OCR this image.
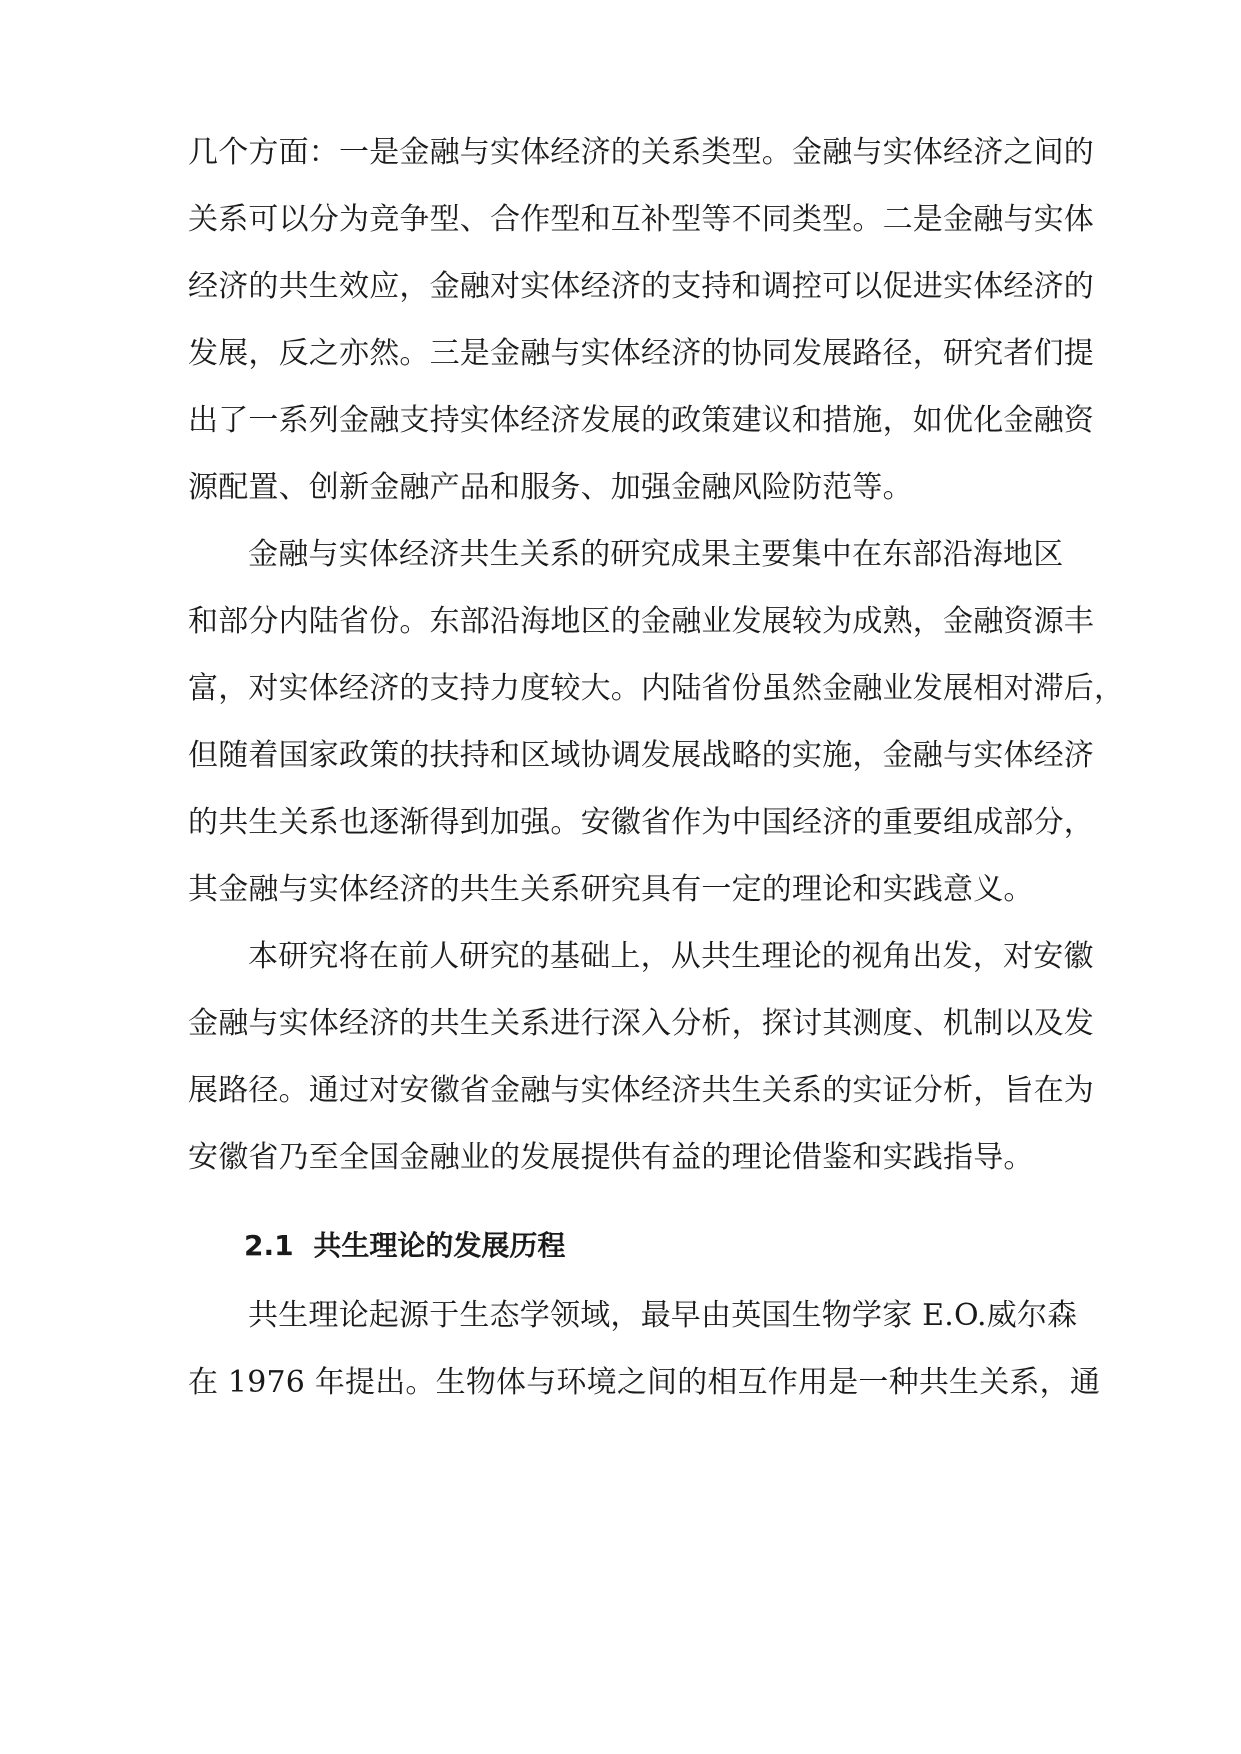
几个方面：一是金融与实体经济的关系类型。金融与实体经济之间的
关系可以分为竞争型、合作型和互补型等不同类型。二是金融与实体
经济的共生效应，金融对实体经济的支持和调控可以促进实体经济的
发展，反之亦然。三是金融与实体经济的协同发展路径，研究者们提
出了一系列金融支持实体经济发展的政策建议和措施，如优化金融资
源配置、创新金融产品和服务、加强金融风险防范等。
金融与实体经济共生关系的研究成果主要集中在东部沿海地区
和部分内陆省份。东部沿海地区的金融业发展较为成熟，金融资源丰
富，对实体经济的支持力度较大。内陆省份虽然金融业发展相对滞后，
但随着国家政策的扶持和区域协调发展战略的实施，金融与实体经济
的共生关系也逐渐得到加强。安徽省作为中国经济的重要组成部分，
其金融与实体经济的共生关系研究具有一定的理论和实践意义。
本研究将在前人研究的基础上，从共生理论的视角出发，对安徽
金融与实体经济的共生关系进行深入分析，探讨其测度、机制以及发
展路径。通过对安徽省金融与实体经济共生关系的实证分析，旨在为
安徽省乃至全国金融业的发展提供有益的理论借鉴和实践指导。
2.1 共生理论的发展历程
共生理论起源于生态学领域，最早由英国生物学家 E.O.威尔森
在 1976 年提出。生物体与环境之间的相互作用是一种共生关系，通
